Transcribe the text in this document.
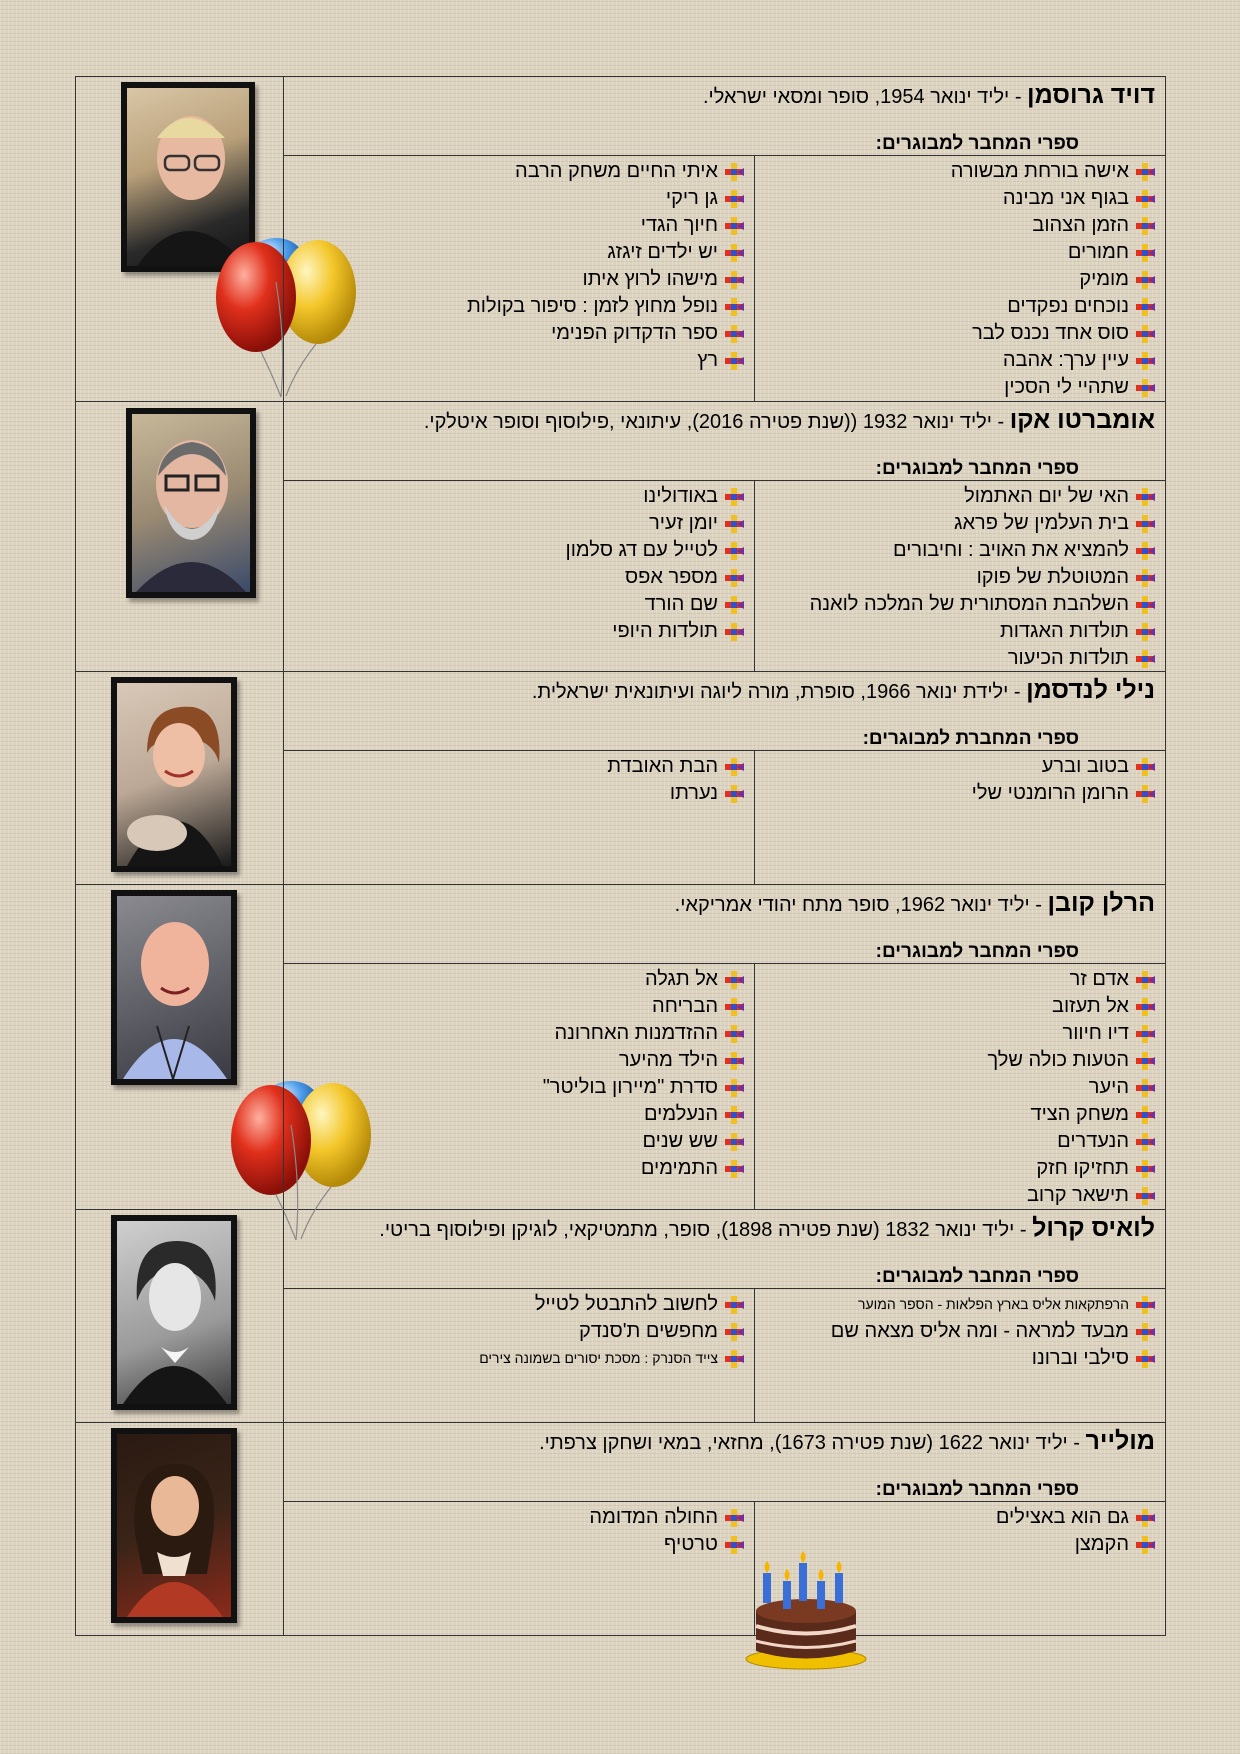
דויד גרוסמן - יליד ינואר 1954, סופר ומסאי ישראלי.
ספרי המחבר למבוגרים:
אישה בורחת מבשורה
בגוף אני מבינה
הזמן הצהוב
חמורים
מומיק
נוכחים נפקדים
סוס אחד נכנס לבר
עיין ערך: אהבה
שתהיי לי הסכין
איתי החיים משחק הרבה
גן ריקי
חיוך הגדי
יש ילדים זיגזג
מישהו לרוץ איתו
נופל מחוץ לזמן : סיפור בקולות
ספר הדקדוק הפנימי
רץ
אומברטו אקו - יליד ינואר 1932 ((שנת פטירה 2016), עיתונאי ,פילוסוף וסופר איטלקי.
ספרי המחבר למבוגרים:
האי של יום האתמול
בית העלמין של פראג
להמציא את האויב : וחיבורים
המטוטלת של פוקו
השלהבת המסתורית של המלכה לואנה
תולדות האגדות
תולדות הכיעור
באודולינו
יומן זעיר
לטייל עם דג סלמון
מספר אפס
שם הורד
תולדות היופי
נילי לנדסמן - ילידת ינואר 1966, סופרת, מורה ליוגה ועיתונאית ישראלית.
ספרי המחברת למבוגרים:
בטוב וברע
הרומן הרומנטי שלי
הבת האובדת
נערתו
הרלן קובן - יליד ינואר 1962, סופר מתח יהודי אמריקאי.
ספרי המחבר למבוגרים:
אדם זר
אל תעזוב
דיו חיוור
הטעות כולה שלך
היער
משחק הציד
הנעדרים
תחזיקו חזק
תישאר קרוב
אל תגלה
הבריחה
ההזדמנות האחרונה
הילד מהיער
סדרת "מיירון בוליטר"
הנעלמים
שש שנים
התמימים
לואיס קרול - יליד ינואר 1832 (שנת פטירה 1898), סופר, מתמטיקאי, לוגיקן ופילוסוף בריטי.
ספרי המחבר למבוגרים:
הרפתקאות אליס בארץ הפלאות - הספר המוער
מבעד למראה - ומה אליס מצאה שם
סילבי וברונו
לחשוב להתבטל לטייל
מחפשים ת'סנדק
צייד הסנרק : מסכת יסורים בשמונה צירים
מולייר - יליד ינואר 1622 (שנת פטירה 1673), מחזאי, במאי ושחקן צרפתי.
ספרי המחבר למבוגרים:
גם הוא באצילים
הקמצן
החולה המדומה
טרטיף
